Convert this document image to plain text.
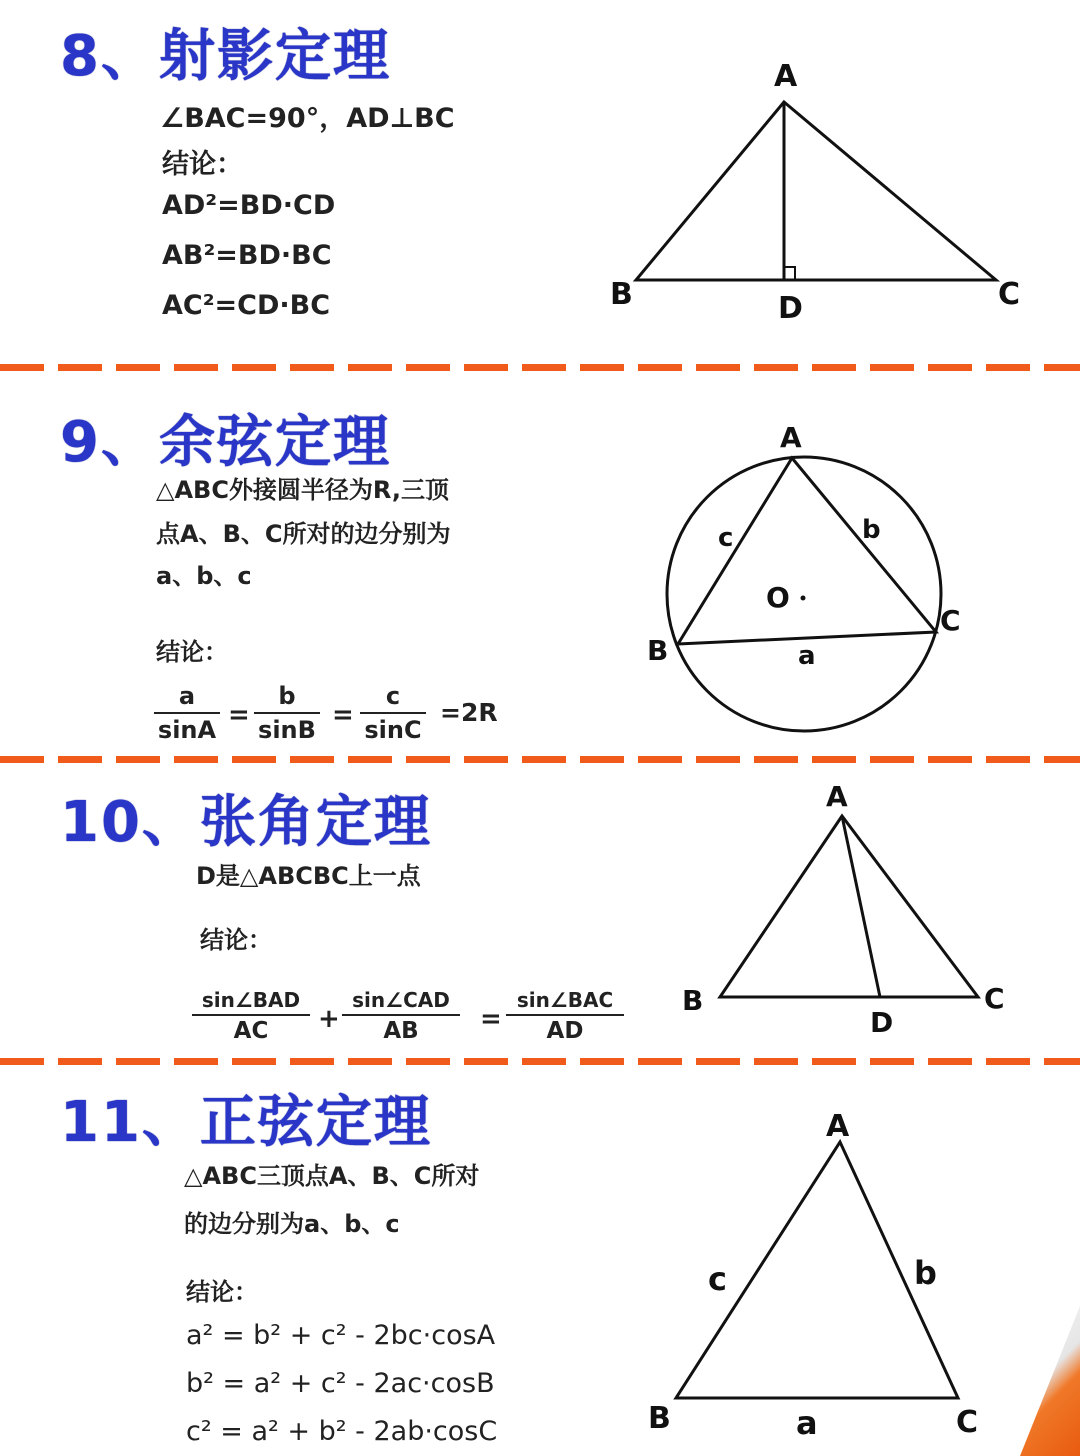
8、射影定理
∠BAC=90°，AD⊥BC
结论：
AD²=BD·CD
AB²=BD·BC
AC²=CD·BC
A
B	C
D
9、余弦定理
△ABC外接圆半径为R,三顶
点A、B、C所对的边分别为
a、b、c
结论：
$\frac{a}{\sin A} = \frac{b}{\sin B} = \frac{c}{\sin C} =2R$
A
B
C
O
a
b
c
10、张角定理
D是△ABCBC上一点
结论：
sin∠BAD
AC	+
sin∠CAD
AB	=
sin∠BAC
AD
A
B	C
D
11、正弦定理
△ABC三顶点A、B、C所对
的边分别为a、b、c
结论：
a² = b² + c² - 2bc·cosA
b² = a² + c² - 2ac·cosB
c² = a² + b² - 2ab·cosC
A
B	C
a
b
c
